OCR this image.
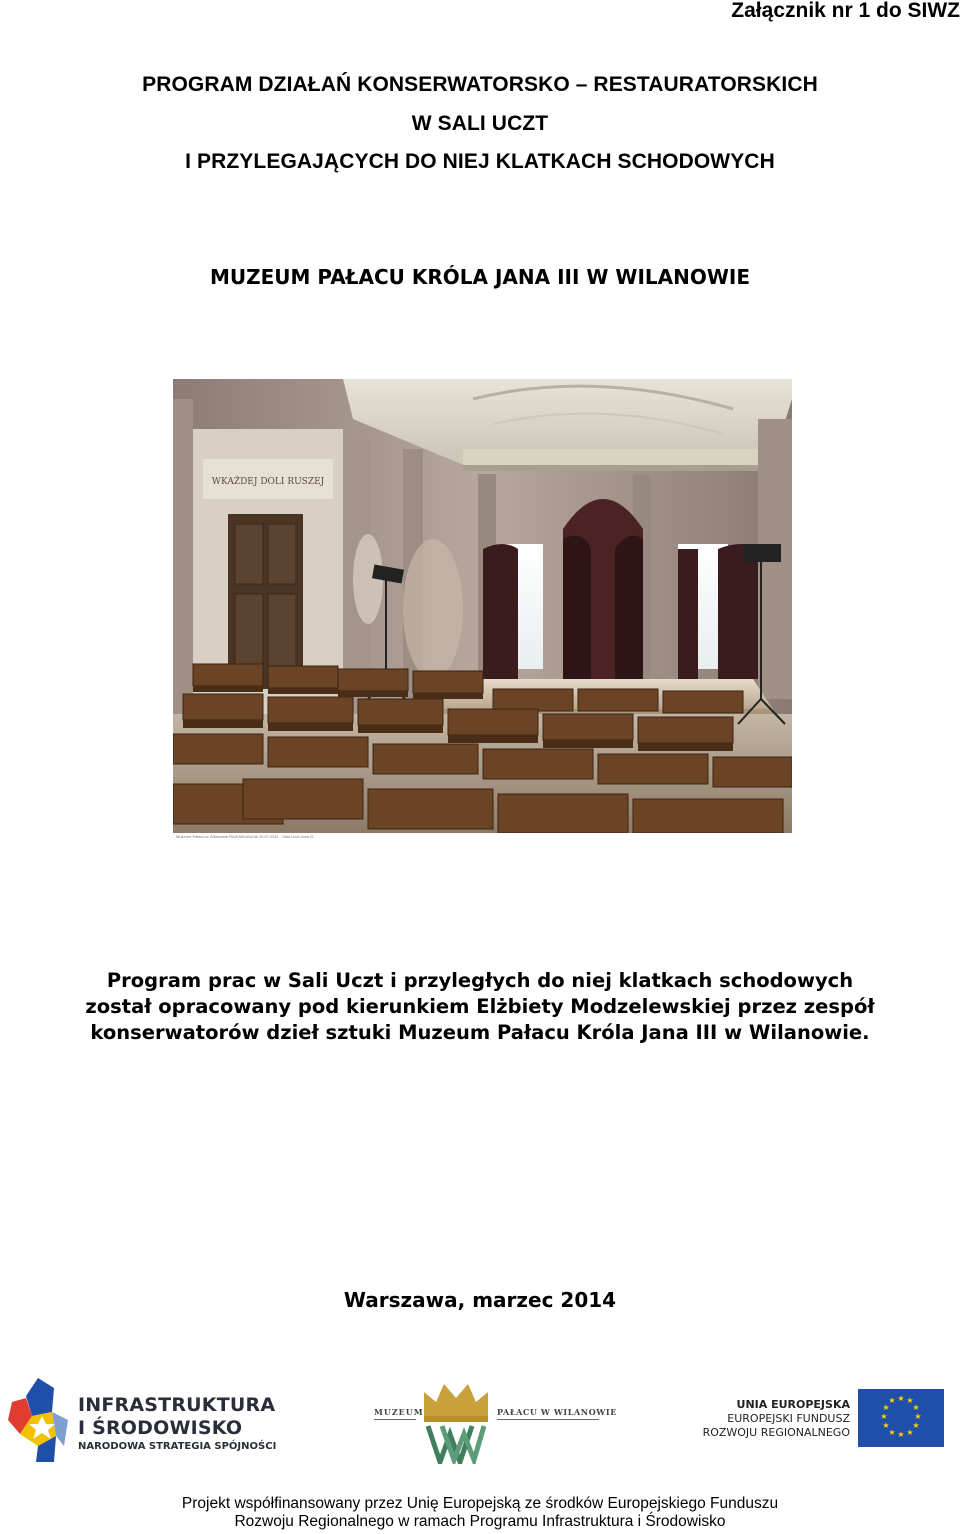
Załącznik nr 1 do SIWZ
PROGRAM DZIAŁAŃ KONSERWATORSKO – RESTAURATORSKICH
W SALI UCZT
I PRZYLEGAJĄCYCH DO NIEJ KLATKACH SCHODOWYCH
MUZEUM PAŁACU KRÓLA JANA III W WILANOWIE
WKAŻDEJ DOLI RUSZEJ
Muzeum Pałacu w Wilanowie RAZ/ARc/AU/ds 20.07.2011 · Sala Uczt Jana III
Program prac w Sali Uczt i przyległych do niej klatkach schodowych
został opracowany pod kierunkiem Elżbiety Modzelewskiej przez zespół
konserwatorów dzieł sztuki Muzeum Pałacu Króla Jana III w Wilanowie.
Warszawa, marzec 2014
INFRASTRUKTURA
I ŚRODOWISKO
NARODOWA STRATEGIA SPÓJNOŚCI
MUZEUM	PAŁACU W WILANOWIE
UNIA EUROPEJSKA
EUROPEJSKI FUNDUSZ
ROZWOJU REGIONALNEGO
★ ★
★
★
★
★
★
★
★
★
★
★
Projekt współfinansowany przez Unię Europejską ze środków Europejskiego Funduszu
Rozwoju Regionalnego w ramach Programu Infrastruktura i Środowisko
